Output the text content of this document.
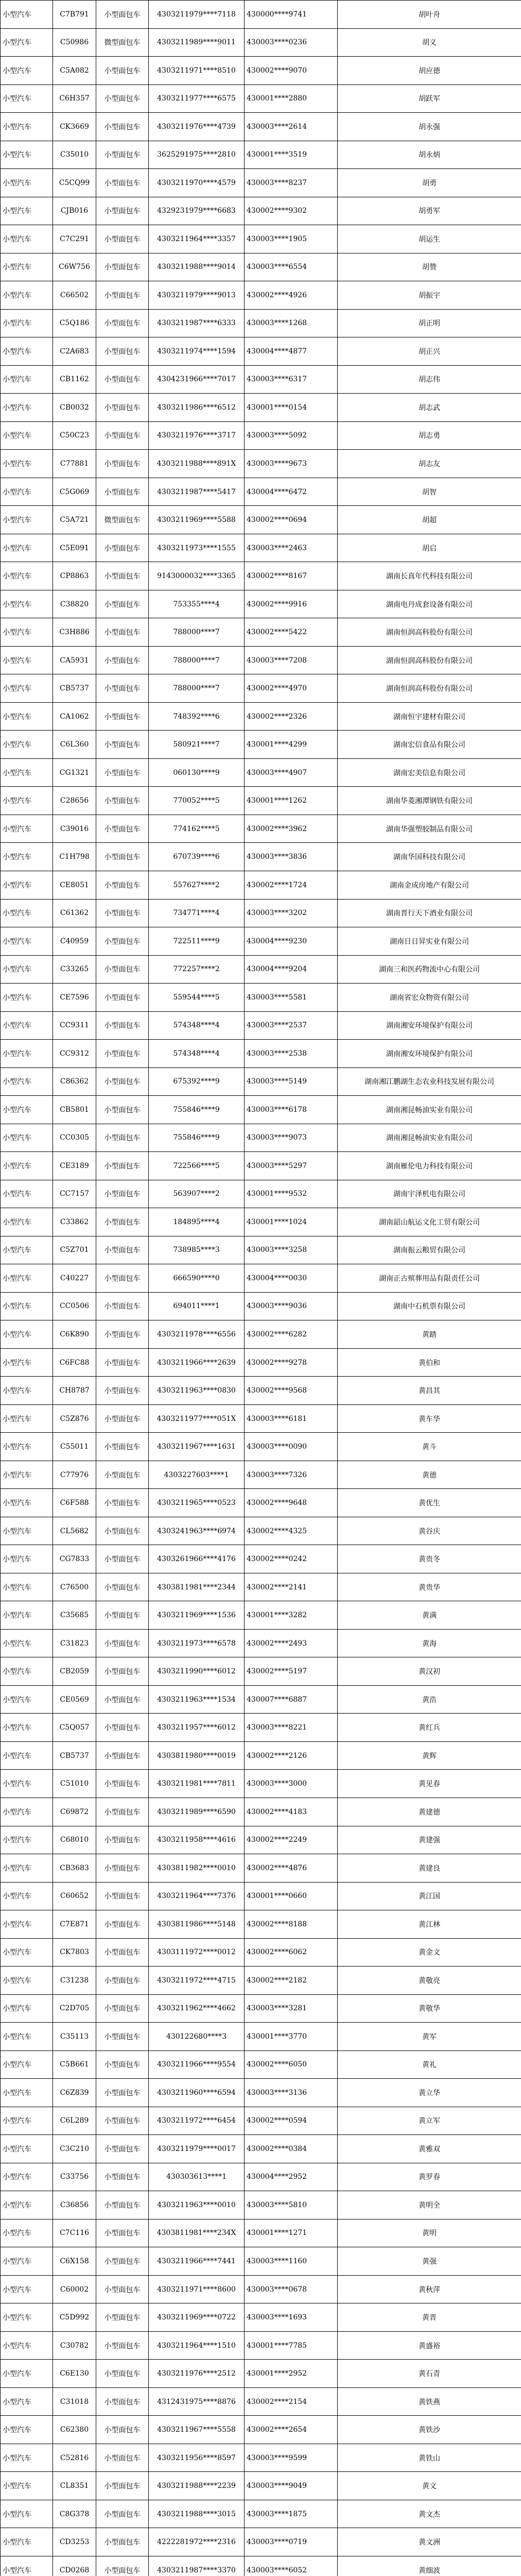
小型汽车	C7B791	小型面包车	4303211979****7118	430000****9741	胡叶舟
小型汽车	C50986	微型面包车	4303211989****9011	430003****0236	胡义
小型汽车	C5A082	小型面包车	4303211971****8510	430002****9070	胡应德
小型汽车	C6H357	小型面包车	4303211977****6575	430001****2880	胡跃军
小型汽车	CK3669	小型面包车	4303211976****4739	430003****2614	胡永强
小型汽车	C35010	小型面包车	3625291975****2810	430001****3519	胡永炳
小型汽车	C5CQ99	小型面包车	4303211970****4579	430003****8237	胡勇
小型汽车	CJB016	小型面包车	4329231979****6683	430002****9302	胡勇军
小型汽车	C7C291	小型面包车	4303211964****3357	430003****1905	胡运生
小型汽车	C6W756	小型面包车	4303211988****9014	430003****6554	胡赞
小型汽车	C66502	小型面包车	4303211979****9013	430002****4926	胡振宇
小型汽车	C5Q186	小型面包车	4303211987****6333	430003****1268	胡正明
小型汽车	C2A683	小型面包车	4303211974****1594	430004****4877	胡正兴
小型汽车	CB1162	小型面包车	4304231966****7017	430003****6317	胡志伟
小型汽车	CB0032	小型面包车	4303211986****6512	430001****0154	胡志武
小型汽车	C50C23	小型面包车	4303211976****3717	430003****5092	胡志勇
小型汽车	C77881	小型面包车	4303211988****891X	430003****9673	胡志友
小型汽车	C5G069	小型面包车	4303211987****5417	430004****6472	胡智
小型汽车	C5A721	微型面包车	4303211969****5588	430002****0694	胡超
小型汽车	C5E091	小型面包车	4303211973****1555	430003****2463	胡启
小型汽车	CP8863	小型面包车	9143000032****3365	430002****8167	湖南长真年代科技有限公司
小型汽车	C38820	小型面包车	753355****4	430002****9916	湖南电丹成套设备有限公司
小型汽车	C3H886	小型面包车	788000****7	430002****5422	湖南恒润高科股份有限公司
小型汽车	CA5931	小型面包车	788000****7	430003****7208	湖南恒润高科股份有限公司
小型汽车	CB5737	小型面包车	788000****7	430002****4970	湖南恒润高科股份有限公司
小型汽车	CA1062	小型面包车	748392****6	430002****2326	湖南恒宇建材有限公司
小型汽车	C6L360	小型面包车	580921****7	430001****4299	湖南宏信食品有限公司
小型汽车	CG1321	小型面包车	060130****9	430003****4907	湖南宏美信息有限公司
小型汽车	C28656	小型面包车	770052****5	430001****1262	湖南华菱湘潭钢铁有限公司
小型汽车	C39016	小型面包车	774162****5	430002****3962	湖南华强塑胶制品有限公司
小型汽车	C1H798	小型面包车	670739****6	430003****3836	湖南华国科技有限公司
小型汽车	CE8051	小型面包车	557627****2	430002****1724	湖南金成房地产有限公司
小型汽车	C61362	小型面包车	734771****4	430003****3202	湖南晋行天下酒业有限公司
小型汽车	C40959	小型面包车	722511****9	430004****9230	湖南日日昇实业有限公司
小型汽车	C33265	小型面包车	772257****2	430004****9204	湖南三和医药物流中心有限公司
小型汽车	CE7596	小型面包车	559544****5	430003****5581	湖南省宏众物资有限公司
小型汽车	CC9311	小型面包车	574348****4	430003****2537	湖南湘安环境保护有限公司
小型汽车	CC9312	小型面包车	574348****4	430003****2538	湖南湘安环境保护有限公司
小型汽车	C86362	小型面包车	675392****9	430003****5149	湖南湘江鹏湖生态农业科技发展有限公司
小型汽车	CB5801	小型面包车	755846****9	430003****6178	湖南湘昆畅油实业有限公司
小型汽车	CC0305	小型面包车	755846****9	430003****9073	湖南湘昆畅油实业有限公司
小型汽车	CE3189	小型面包车	722566****5	430003****5297	湖南雁伦电力科技有限公司
小型汽车	CC7157	小型面包车	563907****2	430001****9532	湖南宇泽机电有限公司
小型汽车	C33862	小型面包车	184895****4	430001****1024	湖南韶山航运文化工贸有限公司
小型汽车	C5Z701	小型面包车	738985****3	430003****3258	湖南振云粮贸有限公司
小型汽车	C40227	小型面包车	666590****0	430004****0030	湖南正古殡葬用品有限责任公司
小型汽车	CC0506	小型面包车	694011****1	430003****9036	湖南中石机票有限公司
小型汽车	C6K890	小型面包车	4303211978****6556	430002****6282	黄踏
小型汽车	C6FC88	小型面包车	4303211966****2639	430002****9278	黄伯和
小型汽车	CH8787	小型面包车	4303211963****0830	430002****9568	黄昌其
小型汽车	C5Z876	小型面包车	4303211977****051X	430003****6181	黄车华
小型汽车	C55011	小型面包车	4303211967****1631	430003****0090	黄斗
小型汽车	C77976	小型面包车	4303227603****1	430003****7326	黄德
小型汽车	C6F588	小型面包车	4303211965****0523	430002****9648	黄优生
小型汽车	CL5682	小型面包车	4303241963****6974	430002****4325	黄谷庆
小型汽车	CG7833	小型面包车	4303261966****4176	430002****0242	黄贵冬
小型汽车	C76500	小型面包车	4303811981****2344	430002****2141	黄贵华
小型汽车	C35685	小型面包车	4303211969****1536	430001****3282	黄满
小型汽车	C31823	小型面包车	4303211973****6578	430002****2493	黄海
小型汽车	CB2059	小型面包车	4303211990****6012	430002****5197	黄汉初
小型汽车	CE0569	小型面包车	4303211963****1534	430007****6887	黄浩
小型汽车	C5Q057	小型面包车	4303211957****6012	430003****8221	黄红兵
小型汽车	CB5737	小型面包车	4303811980****0019	430002****2126	黄辉
小型汽车	C51010	小型面包车	4303211981****7811	430003****3000	黄见春
小型汽车	C69872	小型面包车	4303211989****6590	430002****4183	黄建德
小型汽车	C68010	小型面包车	4303211958****4616	430002****2249	黄建强
小型汽车	CB3683	小型面包车	4303811982****0010	430002****4876	黄建良
小型汽车	C60652	小型面包车	4303211964****7376	430001****0660	黄江国
小型汽车	C7E871	小型面包车	4303811986****5148	430002****8188	黄江林
小型汽车	CK7803	小型面包车	4303111972****0012	430002****6062	黄金文
小型汽车	C31238	小型面包车	4303211972****4715	430002****2182	黄敬亮
小型汽车	C2D705	小型面包车	4303211962****4662	430003****3281	黄敬华
小型汽车	C35113	小型面包车	430122680****3	430001****3770	黄军
小型汽车	C5B661	小型面包车	4303211966****9554	430002****6050	黄礼
小型汽车	C6Z839	小型面包车	4303211960****6594	430003****3136	黄立华
小型汽车	C6L289	小型面包车	4303211972****6454	430002****0594	黄立军
小型汽车	C3C210	小型面包车	4303211979****0017	430002****0384	黄雅双
小型汽车	C33756	小型面包车	430303613****1	430004****2952	黄罗春
小型汽车	C36856	小型面包车	4303211963****0010	430003****5810	黄明全
小型汽车	C7C116	小型面包车	4303811981****234X	430001****1271	黄明
小型汽车	C6X158	小型面包车	4303211966****7441	430003****1160	黄强
小型汽车	C60002	小型面包车	4303211971****8600	430003****0678	黄秋萍
小型汽车	C5D992	小型面包车	4303211969****0722	430003****1693	黄晋
小型汽车	C30782	小型面包车	4303211964****1510	430001****7785	黄盛裕
小型汽车	C6E130	小型面包车	4303211976****2512	430001****2952	黄石青
小型汽车	C31018	小型面包车	4312431975****8876	430002****2154	黄铁燕
小型汽车	C62380	小型面包车	4303211967****5558	430002****2654	黄铁沙
小型汽车	C52816	小型面包车	4303211956****8597	430003****9599	黄铁山
小型汽车	CL8351	小型面包车	4303211988****2239	430003****9049	黄文
小型汽车	C8G378	小型面包车	4303211988****3015	430003****1875	黄文杰
小型汽车	CD3253	小型面包车	4222281972****2316	430003****0719	黄文洲
小型汽车	CD0268	小型面包车	4303211987****3370	430003****6052	黄细波
